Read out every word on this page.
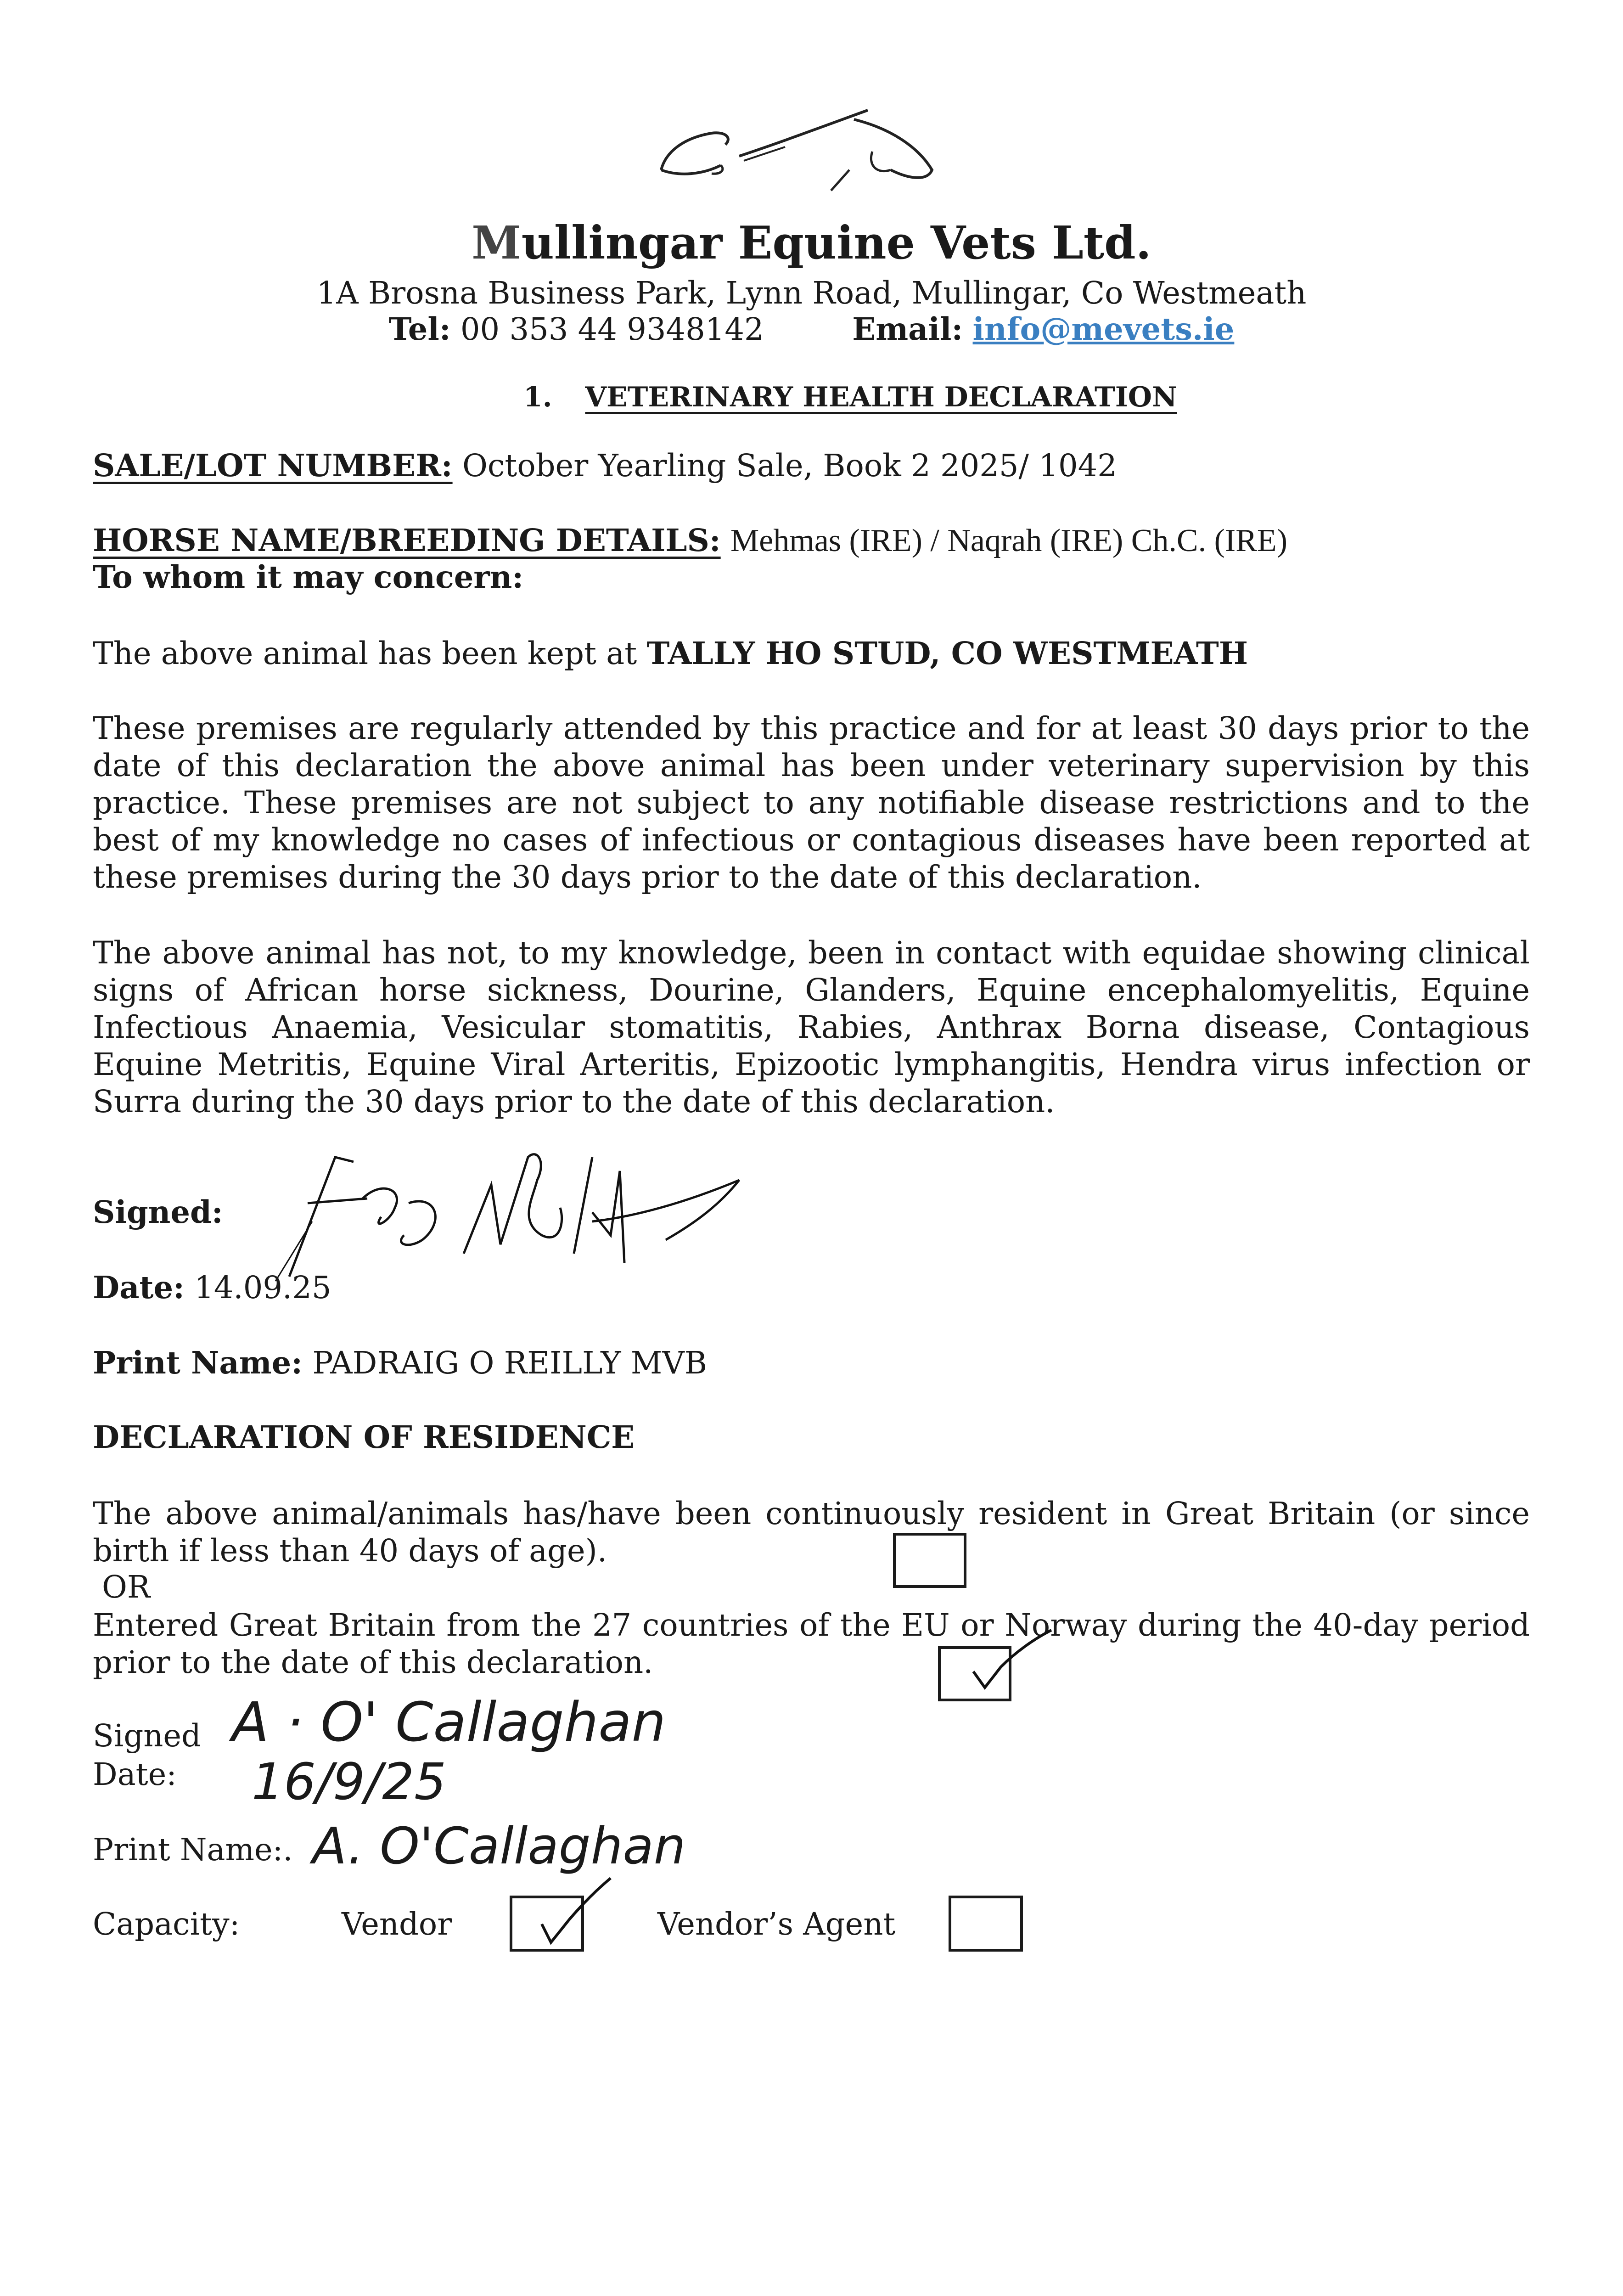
Mullingar Equine Vets Ltd.
1A Brosna Business Park, Lynn Road, Mullingar, Co Westmeath
Tel: 00 353 44 9348142	Email: info@mevets.ie
1. VETERINARY HEALTH DECLARATION
SALE/LOT NUMBER: October Yearling Sale, Book 2 2025/ 1042
HORSE NAME/BREEDING DETAILS: Mehmas (IRE) / Naqrah (IRE) Ch.C. (IRE)
To whom it may concern:
The above animal has been kept at TALLY HO STUD, CO WESTMEATH
These premises are regularly attended by this practice and for at least 30 days prior to the
date of this declaration the above animal has been under veterinary supervision by this
practice. These premises are not subject to any notifiable disease restrictions and to the
best of my knowledge no cases of infectious or contagious diseases have been reported at
these premises during the 30 days prior to the date of this declaration.
The above animal has not, to my knowledge, been in contact with equidae showing clinical
signs of African horse sickness, Dourine, Glanders, Equine encephalomyelitis, Equine
Infectious Anaemia, Vesicular stomatitis, Rabies, Anthrax Borna disease, Contagious
Equine Metritis, Equine Viral Arteritis, Epizootic lymphangitis, Hendra virus infection or
Surra during the 30 days prior to the date of this declaration.
Signed:
Date: 14.09.25
Print Name: PADRAIG O REILLY MVB
DECLARATION OF RESIDENCE
The above animal/animals has/have been continuously resident in Great Britain (or since
birth if less than 40 days of age).
OR
Entered Great Britain from the 27 countries of the EU or Norway during the 40-day period
prior to the date of this declaration.
Signed A · O' Callaghan
Date: 16/9/25
Print Name:. A. O'Callaghan
Capacity:	Vendor	Vendor’s Agent
